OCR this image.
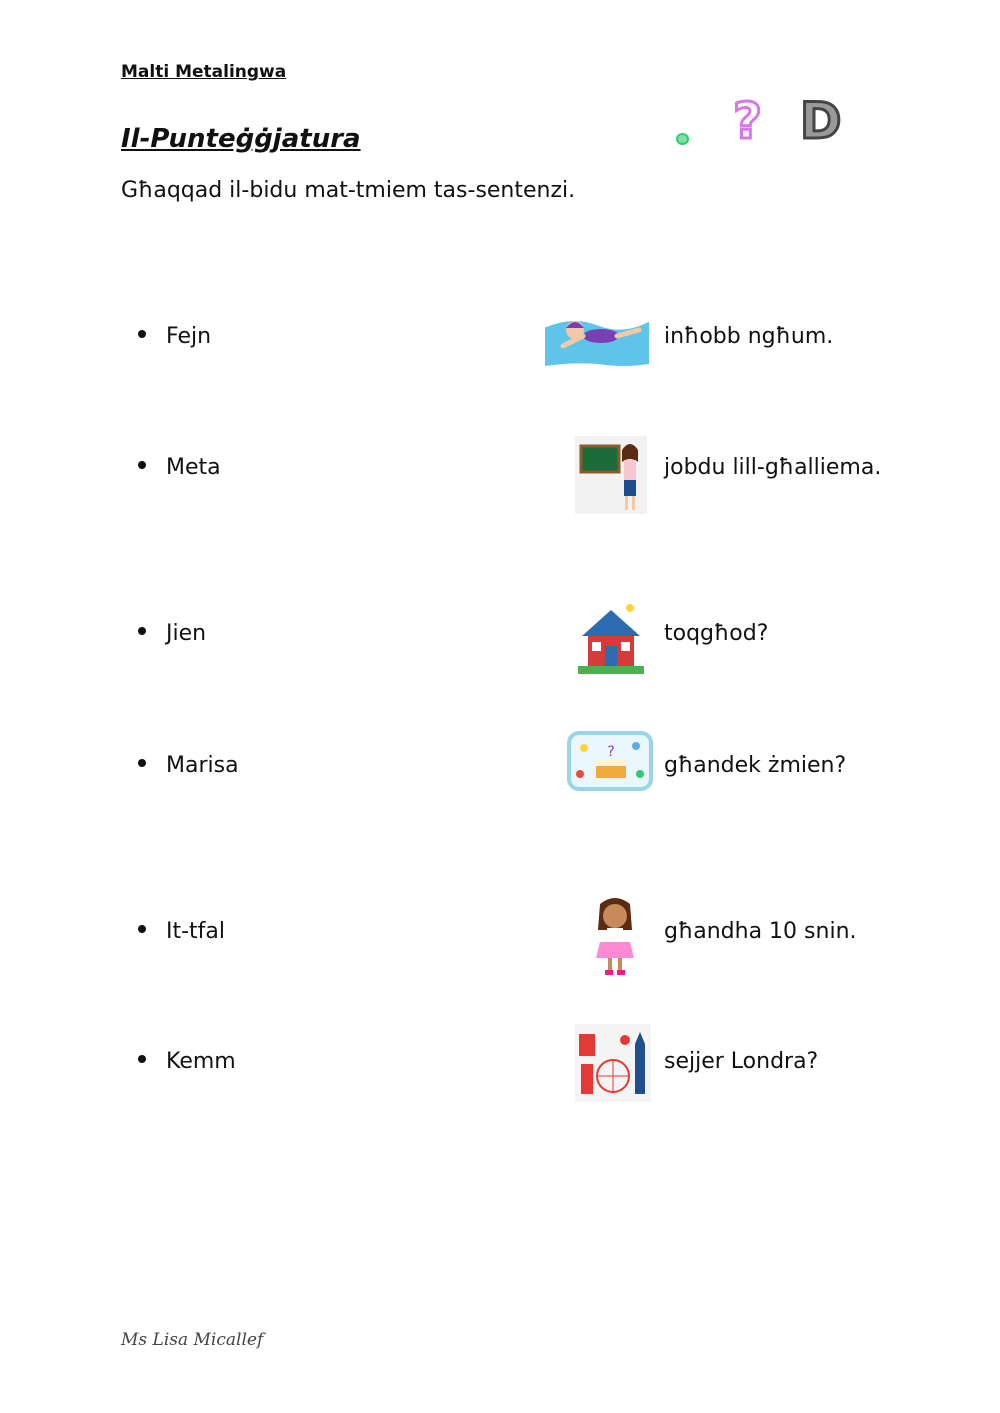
Malti Metalingwa
Il-Punteġġjatura
Għaqqad il-bidu mat-tmiem tas-sentenzi.
? D
Fejn
Meta
Jien
Marisa
It-tfal
Kemm
?
inħobb ngħum.
jobdu lill-għalliema.
toqgħod?
għandek żmien?
għandha 10 snin.
sejjer Londra?
Ms Lisa Micallef
